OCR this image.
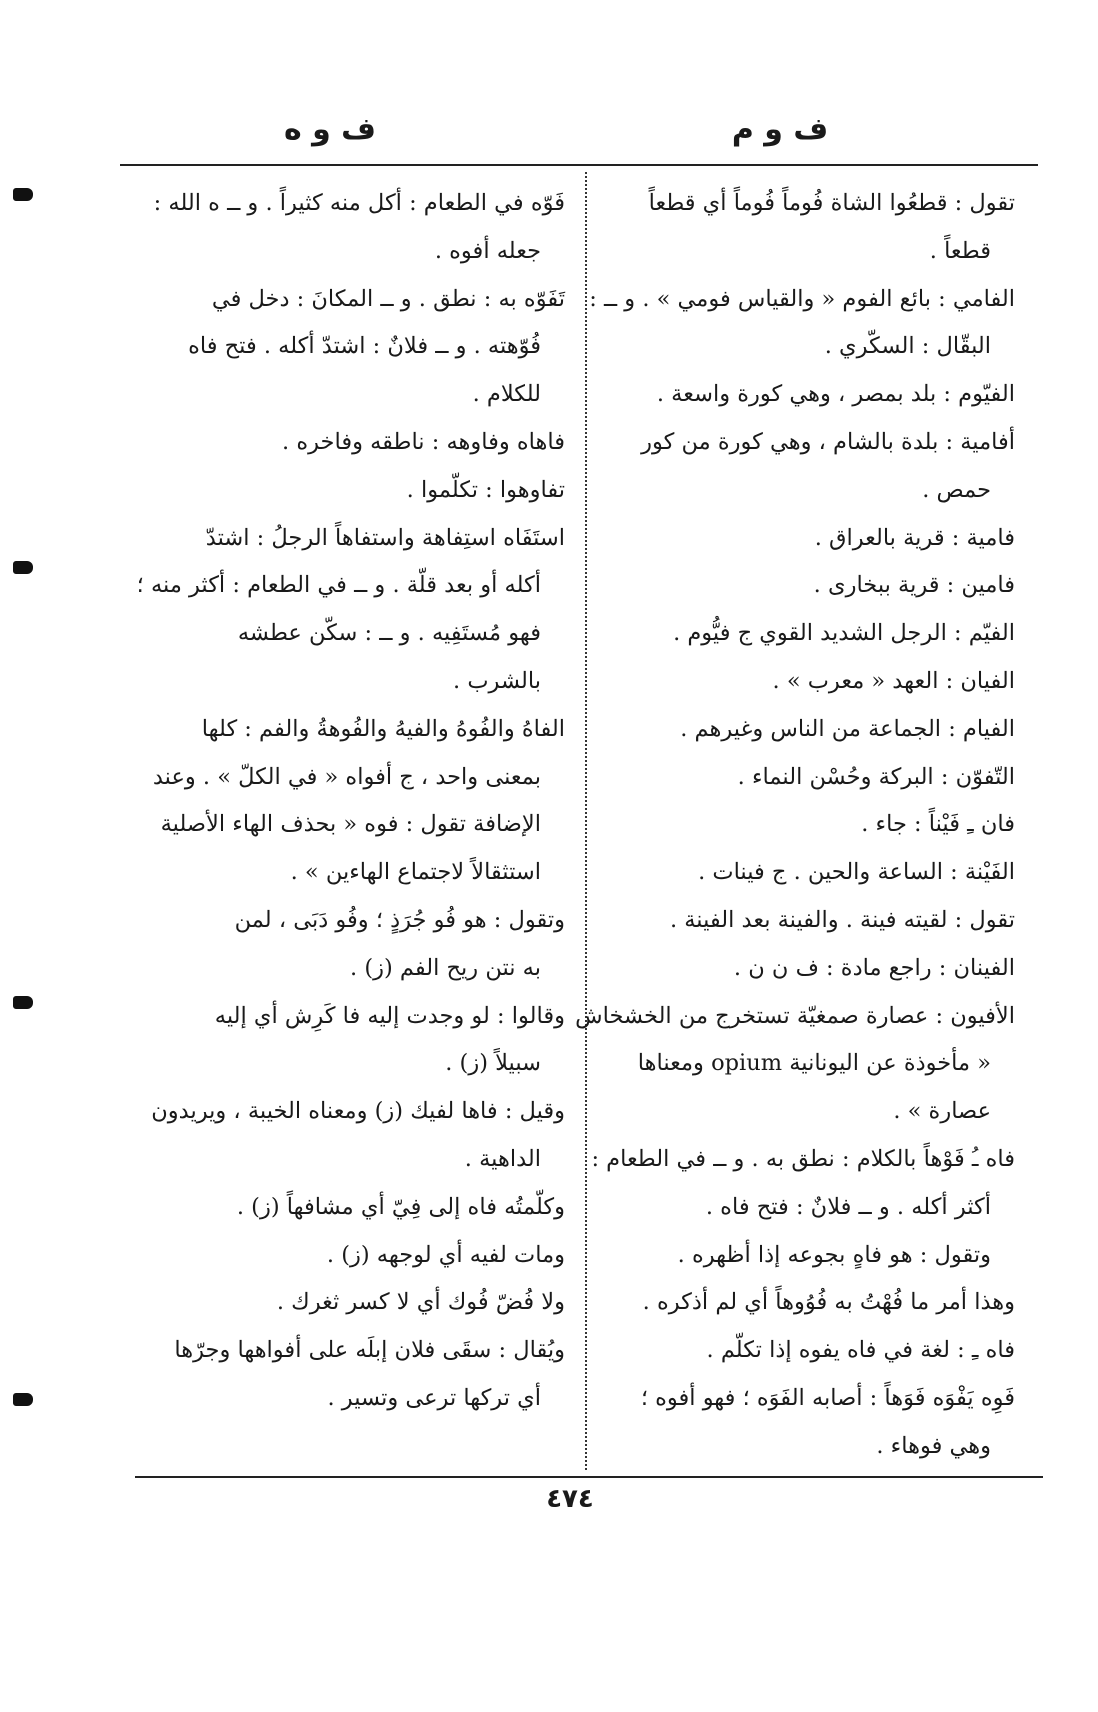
ف و م
ف و ه

تقول : قطعُوا الشاة فُوماً فُوماً أي قطعاً

قطعاً .

الفامي : بائع الفوم « والقياس فومي » . و ــ :

البقّال : السكّري .

الفيّوم : بلد بمصر ، وهي كورة واسعة .

أفامية : بلدة بالشام ، وهي كورة من كور

حمص .

فامية : قرية بالعراق .

فامين : قرية ببخارى .

الفيّم : الرجل الشديد القوي ج فيُّوم .

الفيان : العهد « معرب » .

الفيام : الجماعة من الناس وغيرهم .

التّفوّن : البركة وحُسْن النماء .

فان ـِ فَيْناً : جاء .

الفَيْنة : الساعة والحين . ج فينات .

تقول : لقيته فينة . والفينة بعد الفينة .

الفينان : راجع مادة : ف ن ن .

الأفيون : عصارة صمغيّة تستخرج من الخشخاش

« مأخوذة عن اليونانية opium ومعناها

عصارة » .

فاه ـُ فَوْهاً بالكلام : نطق به . و ــ في الطعام :

أكثر أكله . و ــ فلانٌ : فتح فاه .

وتقول : هو فاهٍ بجوعه إذا أظهره .

وهذا أمر ما فُهْتُ به فُوُوهاً أي لم أذكره .

فاه ـِ : لغة في فاه يفوه إذا تكلّم .

فَوِه يَفْوَه فَوَهاً : أصابه الفَوَه ؛ فهو أفوه ؛

وهي فوهاء .

فَوّه في الطعام : أكل منه كثيراً . و ــ ه الله :

جعله أفوه .

تَفَوّه به : نطق . و ــ المكانَ : دخل في

فُوّهته . و ــ فلانٌ : اشتدّ أكله . فتح فاه

للكلام .

فاهاه وفاوهه : ناطقه وفاخره .

تفاوهوا : تكلّموا .

استَفَاه استِفاهة واستفاهاً الرجلُ : اشتدّ

أكله أو بعد قلّة . و ــ في الطعام : أكثر منه ؛

فهو مُستَفِيه . و ــ : سكّن عطشه

بالشرب .

الفاهُ والفُوهُ والفيهُ والفُوهةُ والفم : كلها

بمعنى واحد ، ج أفواه « في الكلّ » . وعند

الإضافة تقول : فوه « بحذف الهاء الأصلية

استثقالاً لاجتماع الهاءين » .

وتقول : هو فُو جُرَذٍ ؛ وفُو دَبَى ، لمن

به نتن ريح الفم (ز) .

وقالوا : لو وجدت إليه فا كَرِش أي إليه

سبيلاً (ز) .

وقيل : فاها لفيك (ز) ومعناه الخيبة ، ويريدون

الداهية .

وكلّمتُه فاه إلى فِيّ أي مشافهاً (ز) .

ومات لفيه أي لوجهه (ز) .

ولا فُضّ فُوك أي لا كسر ثغرك .

ويُقال : سقَى فلان إبلَه على أفواهها وجرّها

أي تركها ترعى وتسير .

٤٧٤
